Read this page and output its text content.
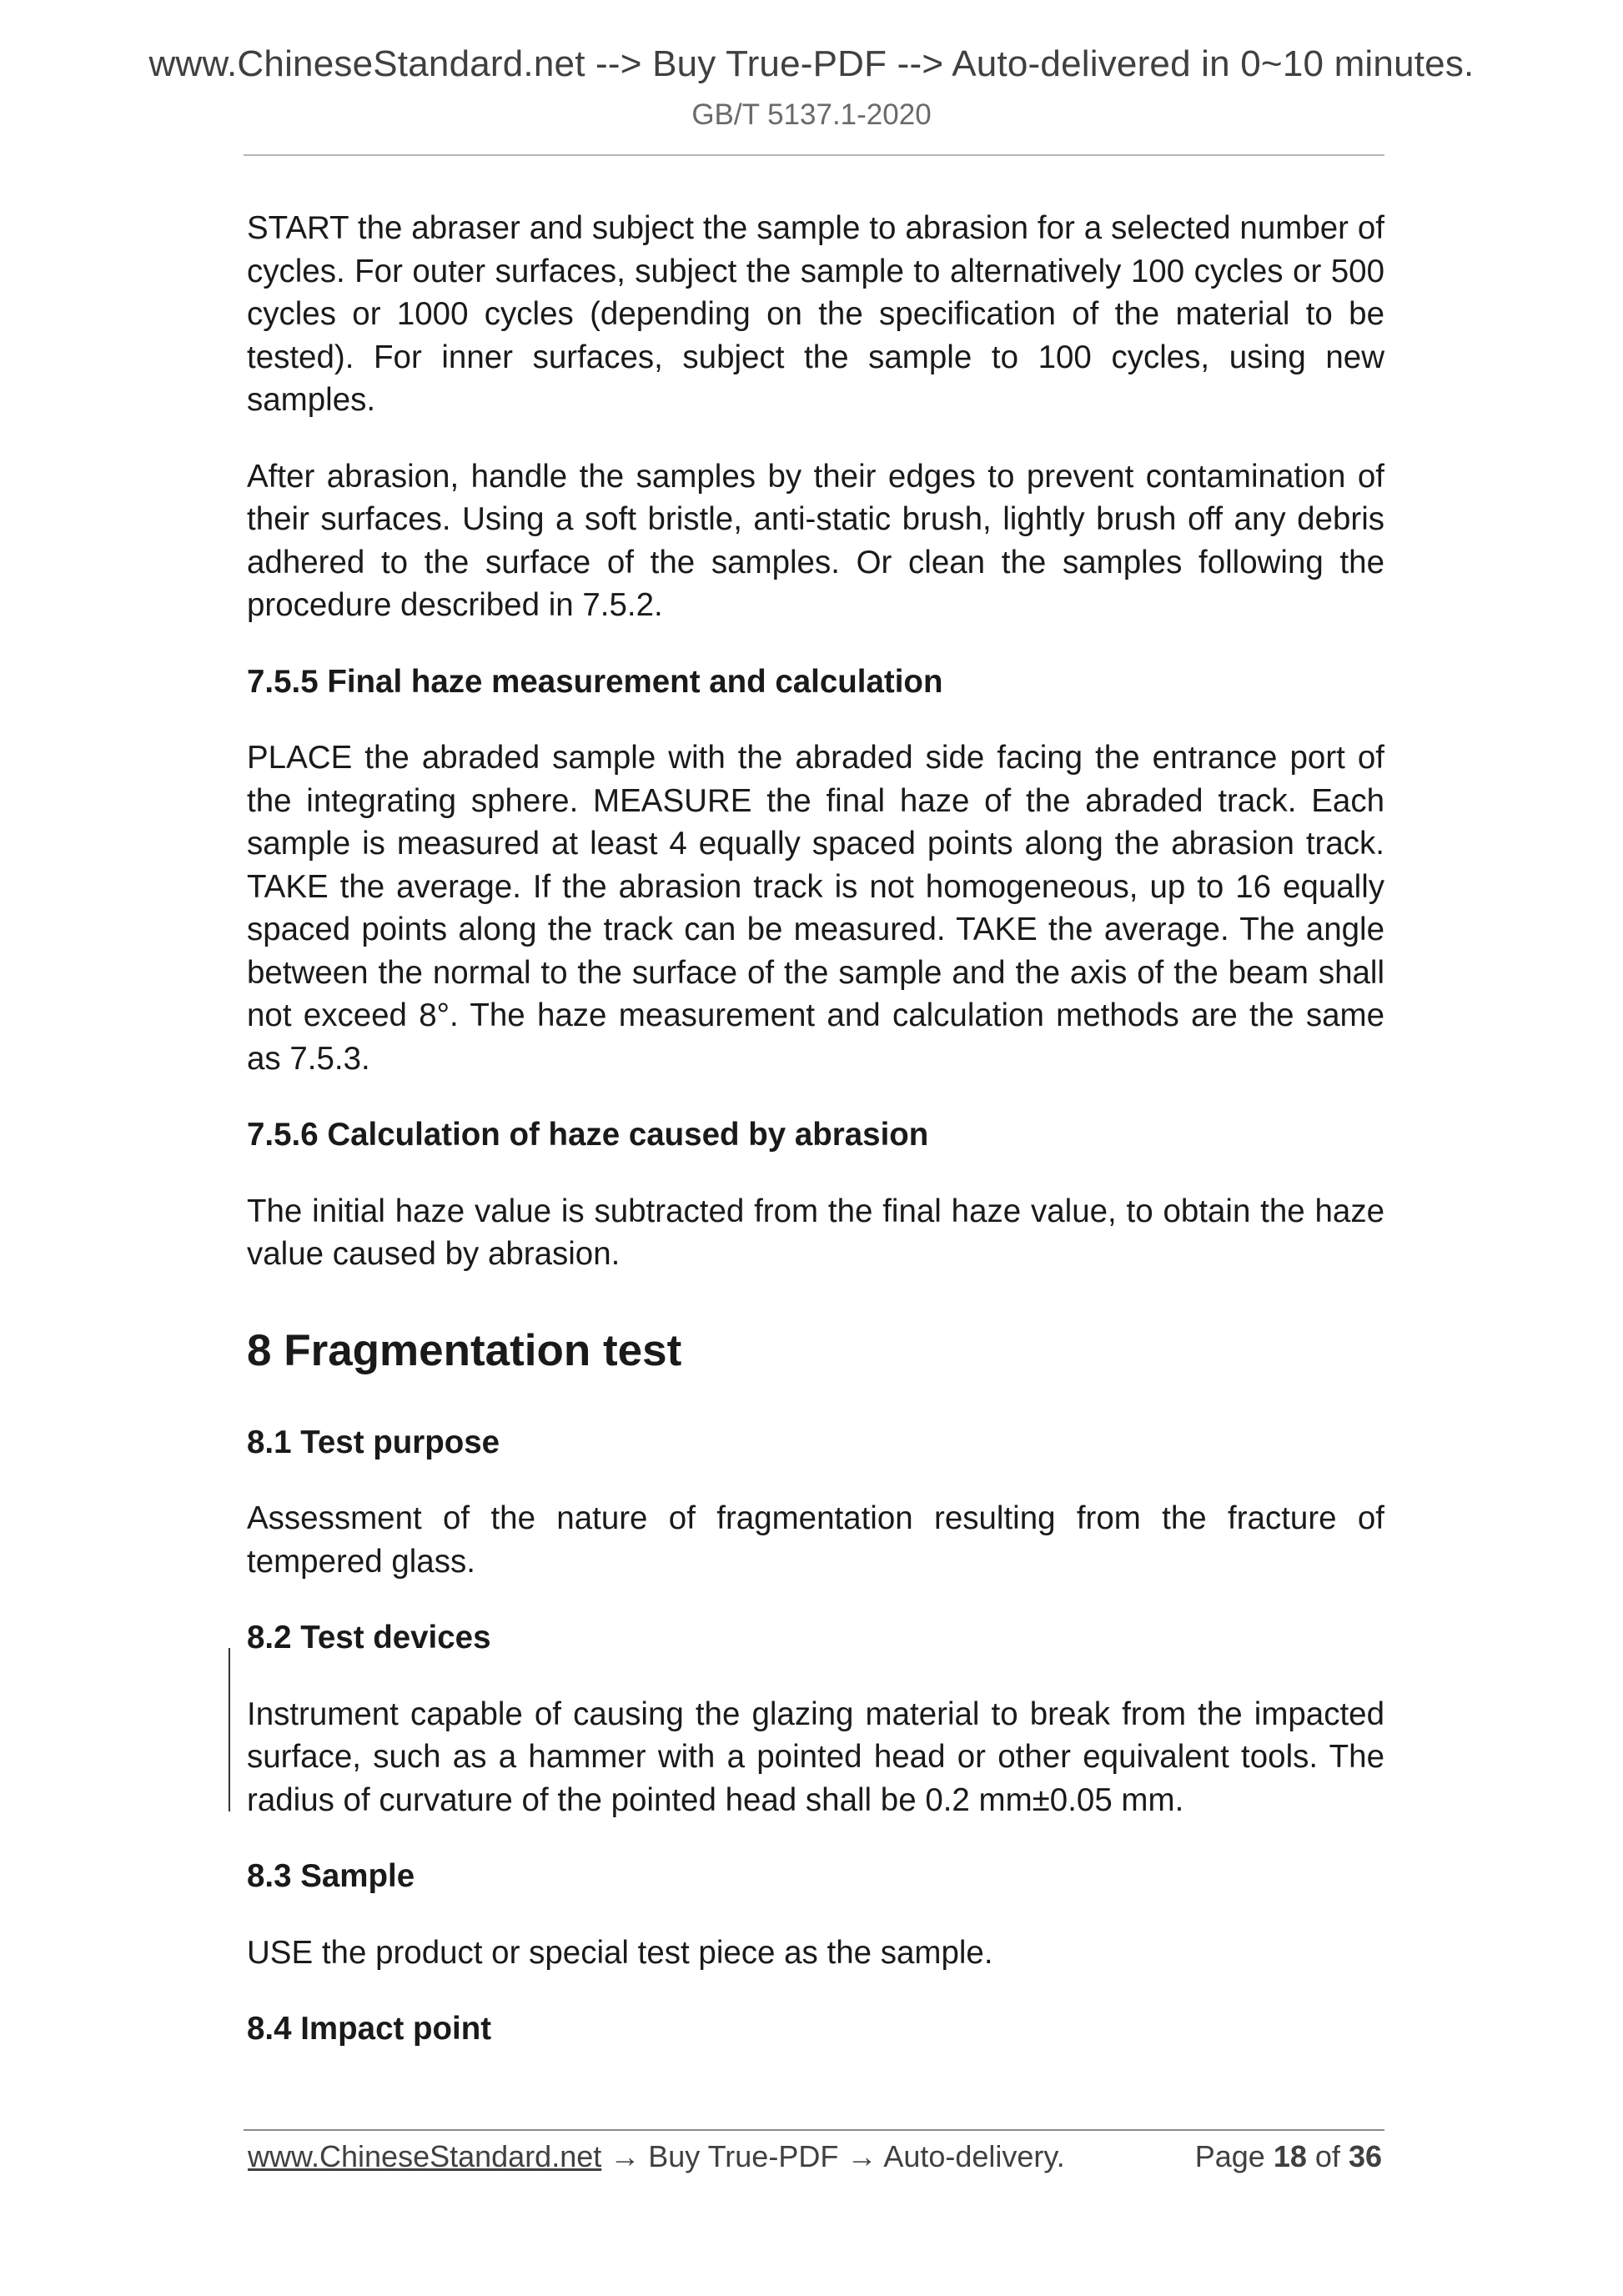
www.ChineseStandard.net --> Buy True-PDF --> Auto-delivered in 0~10 minutes.
GB/T 5137.1-2020

START the abraser and subject the sample to abrasion for a selected number of cycles. For outer surfaces, subject the sample to alternatively 100 cycles or 500 cycles or 1000 cycles (depending on the specification of the material to be tested). For inner surfaces, subject the sample to 100 cycles, using new samples.

After abrasion, handle the samples by their edges to prevent contamination of their surfaces. Using a soft bristle, anti-static brush, lightly brush off any debris adhered to the surface of the samples. Or clean the samples following the procedure described in 7.5.2.

7.5.5 Final haze measurement and calculation

PLACE the abraded sample with the abraded side facing the entrance port of the integrating sphere. MEASURE the final haze of the abraded track. Each sample is measured at least 4 equally spaced points along the abrasion track. TAKE the average. If the abrasion track is not homogeneous, up to 16 equally spaced points along the track can be measured. TAKE the average. The angle between the normal to the surface of the sample and the axis of the beam shall not exceed 8°. The haze measurement and calculation methods are the same as 7.5.3.

7.5.6 Calculation of haze caused by abrasion

The initial haze value is subtracted from the final haze value, to obtain the haze value caused by abrasion.

8 Fragmentation test
8.1 Test purpose

Assessment of the nature of fragmentation resulting from the fracture of tempered glass.

8.2 Test devices

Instrument capable of causing the glazing material to break from the impacted surface, such as a hammer with a pointed head or other equivalent tools. The radius of curvature of the pointed head shall be 0.2 mm±0.05 mm.

8.3 Sample

USE the product or special test piece as the sample.

8.4 Impact point
www.ChineseStandard.net → Buy True-PDF → Auto-delivery.	Page 18 of 36
